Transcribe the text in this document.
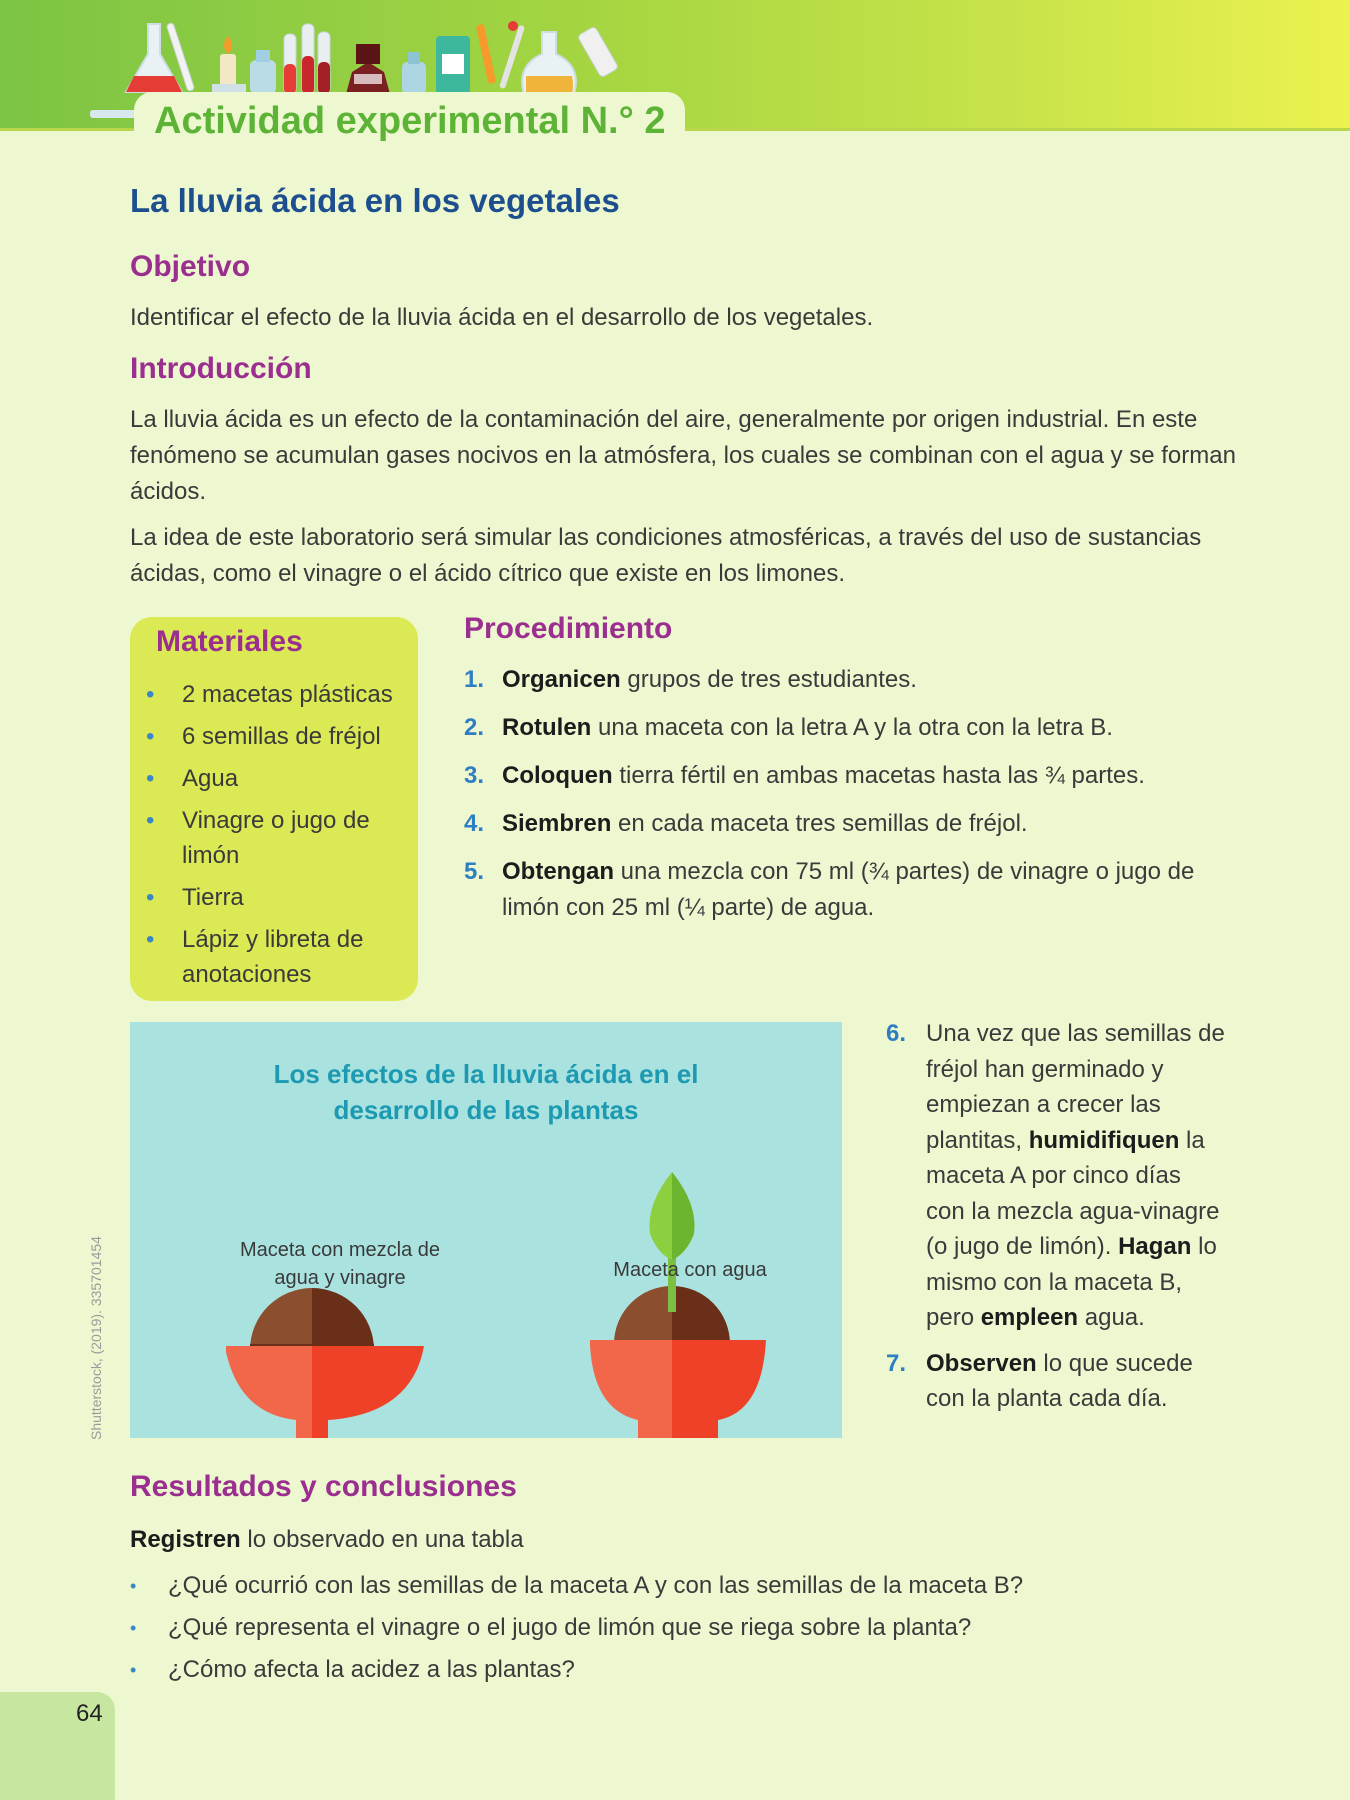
Actividad experimental N.° 2
La lluvia ácida en los vegetales
Objetivo

Identificar el efecto de la lluvia ácida en el desarrollo de los vegetales.

Introducción

La lluvia ácida es un efecto de la contaminación del aire, generalmente por origen industrial. En este fenómeno se acumulan gases nocivos en la atmósfera, los cuales se combinan con el agua y se forman ácidos.

La idea de este laboratorio será simular las condiciones atmosféricas, a través del uso de sustancias ácidas, como el vinagre o el ácido cítrico que existe en los limones.

Materiales
• 2 macetas plásticas
• 6 semillas de fréjol
• Agua
• Vinagre o jugo de limón
• Tierra
• Lápiz y libreta de anotaciones
Procedimiento
1. Organicen grupos de tres estudiantes.
2. Rotulen una maceta con la letra A y la otra con la letra B.
3. Coloquen tierra fértil en ambas macetas hasta las ¾ partes.
4. Siembren en cada maceta tres semillas de fréjol.
5. Obtengan una mezcla con 75 ml (¾ partes) de vinagre o jugo de limón con 25 ml (¼ parte) de agua.
Los efectos de la lluvia ácida en el
desarrollo de las plantas
Maceta con mezcla de
agua y vinagre	Maceta con agua
6. Una vez que las semillas de fréjol han germinado y empiezan a crecer las plantitas, humidifiquen la maceta A por cinco días con la mezcla agua-vinagre (o jugo de limón). Hagan lo mismo con la maceta B, pero empleen agua.
7. Observen lo que sucede con la planta cada día.
Shutterstock, (2019). 335701454
Resultados y conclusiones

Registren lo observado en una tabla

• ¿Qué ocurrió con las semillas de la maceta A y con las semillas de la maceta B?
• ¿Qué representa el vinagre o el jugo de limón que se riega sobre la planta?
• ¿Cómo afecta la acidez a las plantas?
64
